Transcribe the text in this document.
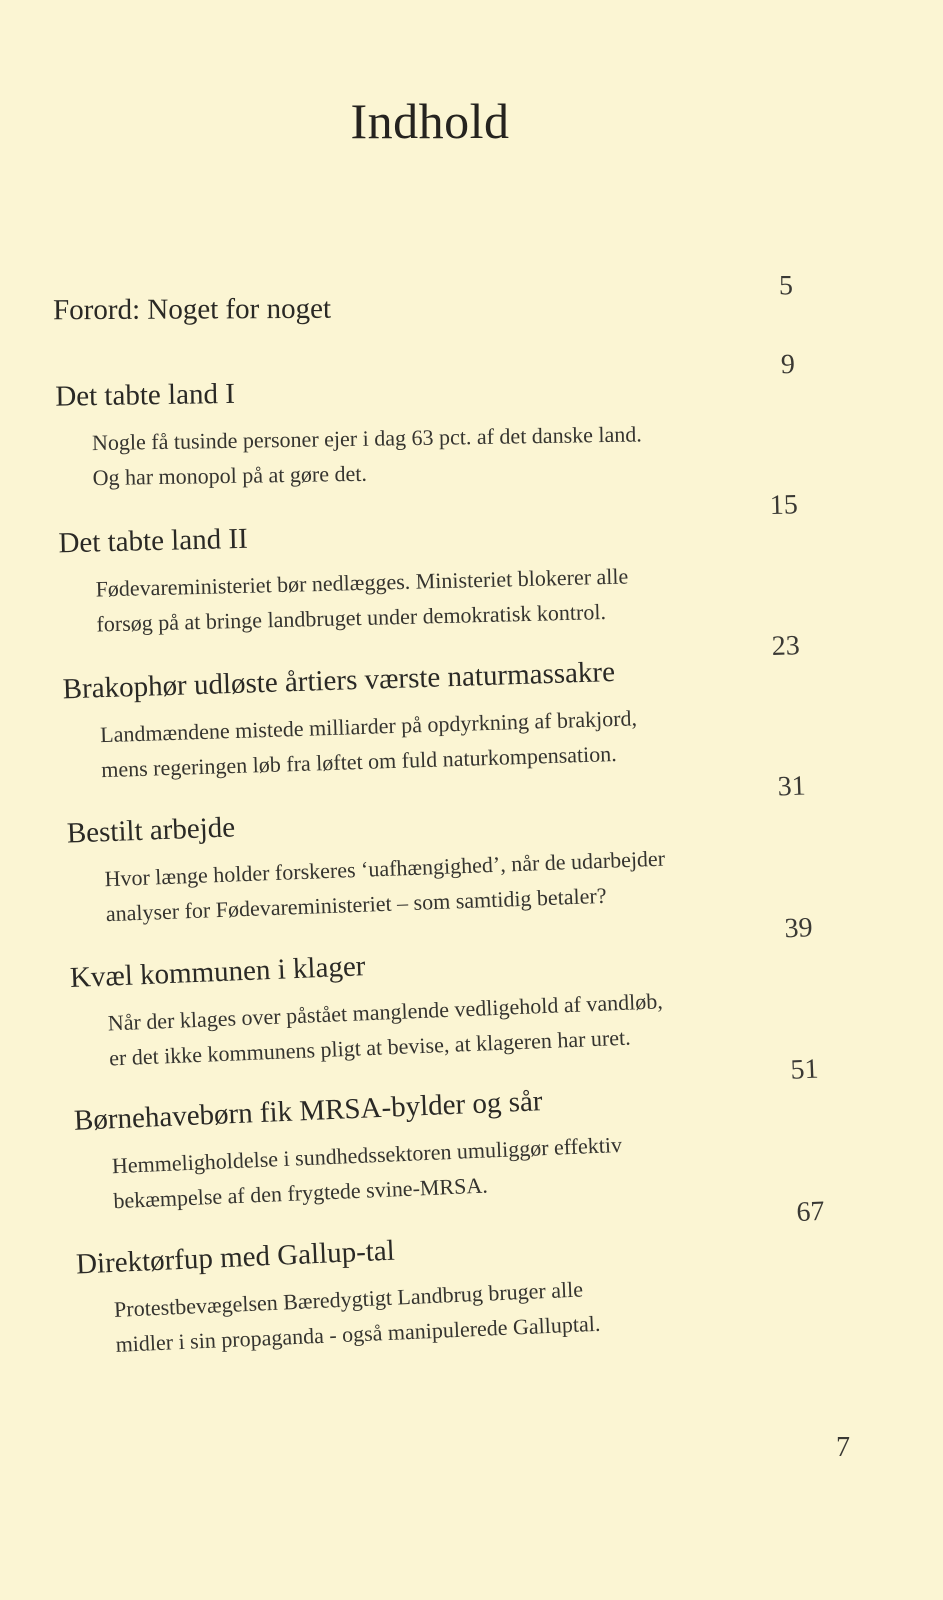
Indhold
Forord: Noget for noget
5
Det tabte land I
9
Nogle få tusinde personer ejer i dag 63 pct. af det danske land.
Og har monopol på at gøre det.
Det tabte land II
15
Fødevareministeriet bør nedlægges. Ministeriet blokerer alle
forsøg på at bringe landbruget under demokratisk kontrol.
Brakophør udløste årtiers værste naturmassakre
23
Landmændene mistede milliarder på opdyrkning af brakjord,
mens regeringen løb fra løftet om fuld naturkompensation.
Bestilt arbejde
31
Hvor længe holder forskeres ‘uafhængighed’, når de udarbejder
analyser for Fødevareministeriet – som samtidig betaler?
Kvæl kommunen i klager
39
Når der klages over påstået manglende vedligehold af vandløb,
er det ikke kommunens pligt at bevise, at klageren har uret.
Børnehavebørn fik MRSA-bylder og sår
51
Hemmeligholdelse i sundhedssektoren umuliggør effektiv
bekæmpelse af den frygtede svine-MRSA.
Direktørfup med Gallup-tal
67
Protestbevægelsen Bæredygtigt Landbrug bruger alle
midler i sin propaganda - også manipulerede Galluptal.
7
